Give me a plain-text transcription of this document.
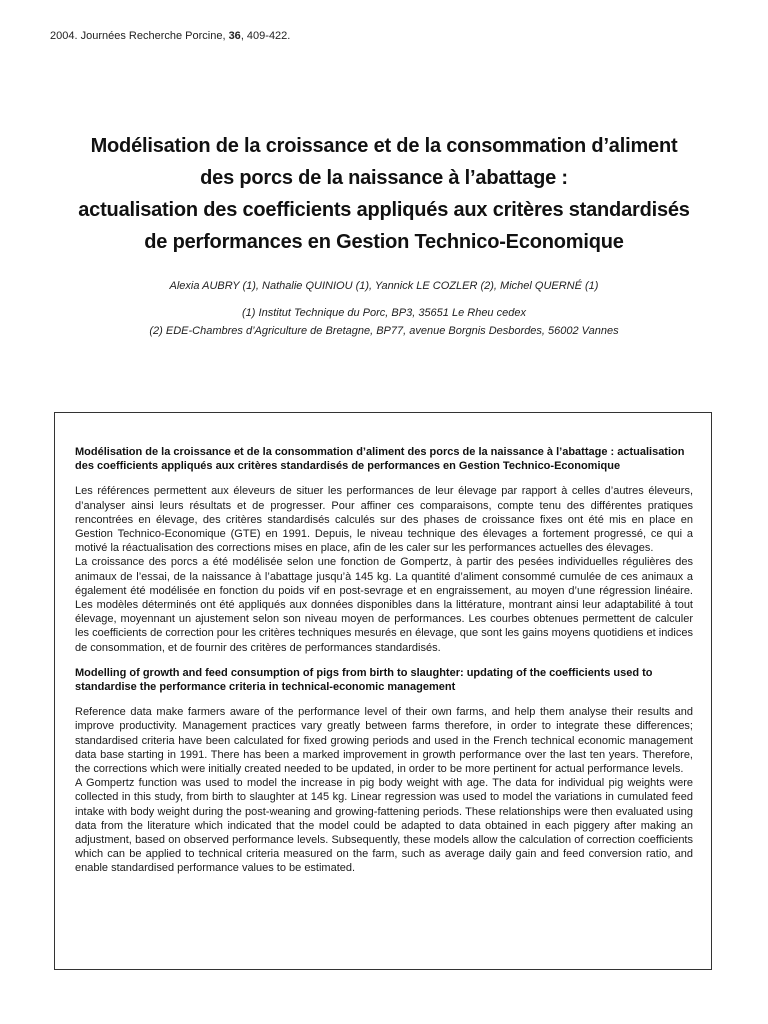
2004. Journées Recherche Porcine, 36, 409-422.
Modélisation de la croissance et de la consommation d’aliment
des porcs de la naissance à l’abattage :
actualisation des coefficients appliqués aux critères standardisés
de performances en Gestion Technico-Economique
Alexia AUBRY (1), Nathalie QUINIOU (1), Yannick LE COZLER (2), Michel QUERNÉ (1)
(1) Institut Technique du Porc, BP3, 35651 Le Rheu cedex
(2) EDE-Chambres d’Agriculture de Bretagne, BP77, avenue Borgnis Desbordes, 56002 Vannes

Modélisation de la croissance et de la consommation d’aliment des porcs de la naissance à l’abattage : actualisation des coefficients appliqués aux critères standardisés de performances en Gestion Technico-Economique

Les références permettent aux éleveurs de situer les performances de leur élevage par rapport à celles d’autres éleveurs, d’analyser ainsi leurs résultats et de progresser. Pour affiner ces comparaisons, compte tenu des différentes pratiques rencontrées en élevage, des critères standardisés calculés sur des phases de croissance fixes ont été mis en place en Gestion Technico-Economique (GTE) en 1991. Depuis, le niveau technique des élevages a fortement progressé, ce qui a motivé la réactualisation des corrections mises en place, afin de les caler sur les performances actuelles des élevages.

La croissance des porcs a été modélisée selon une fonction de Gompertz, à partir des pesées individuelles régulières des animaux de l’essai, de la naissance à l’abattage jusqu’à 145 kg. La quantité d’aliment consommé cumulée de ces animaux a également été modélisée en fonction du poids vif en post-sevrage et en engraissement, au moyen d’une régression linéaire. Les modèles déterminés ont été appliqués aux données disponibles dans la littérature, montrant ainsi leur adaptabilité à tout élevage, moyennant un ajustement selon son niveau moyen de performances. Les courbes obtenues permettent de calculer les coefficients de correction pour les critères techniques mesurés en élevage, que sont les gains moyens quotidiens et indices de consommation, et de fournir des critères de performances standardisés.

Modelling of growth and feed consumption of pigs from birth to slaughter: updating of the coefficients used to standardise the performance criteria in technical-economic management

Reference data make farmers aware of the performance level of their own farms, and help them analyse their results and improve productivity. Management practices vary greatly between farms therefore, in order to integrate these differences; standardised criteria have been calculated for fixed growing periods and used in the French technical economic management data base starting in 1991. There has been a marked improvement in growth performance over the last ten years. Therefore, the corrections which were initially created needed to be updated, in order to be more pertinent for actual performance levels.

A Gompertz function was used to model the increase in pig body weight with age. The data for individual pig weights were collected in this study, from birth to slaughter at 145 kg. Linear regression was used to model the variations in cumulated feed intake with body weight during the post-weaning and growing-fattening periods. These relationships were then evaluated using data from the literature which indicated that the model could be adapted to data obtained in each piggery after making an adjustment, based on observed performance levels. Subsequently, these models allow the calculation of correction coefficients which can be applied to technical criteria measured on the farm, such as average daily gain and feed conversion ratio, and enable standardised performance values to be estimated.
